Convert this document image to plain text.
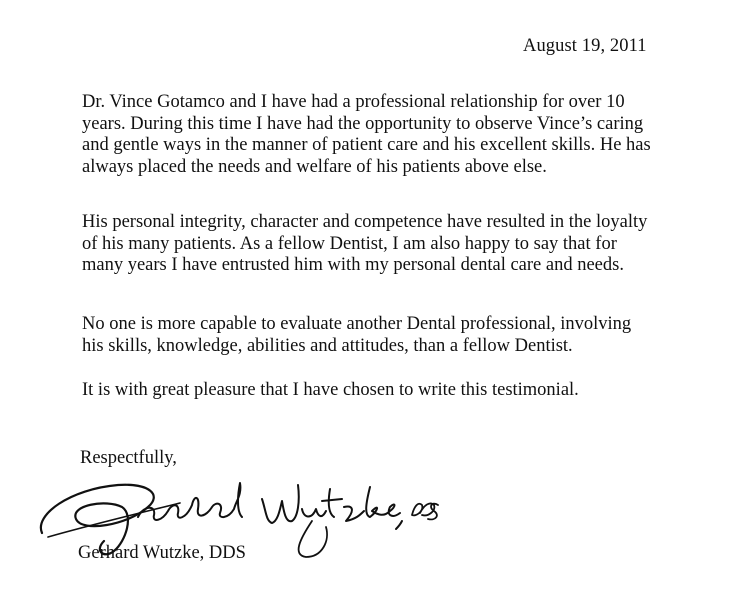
August 19, 2011
Dr. Vince Gotamco and I have had a professional relationship for over 10
years. During this time I have had the opportunity to observe Vince’s caring
and gentle ways in the manner of patient care and his excellent skills. He has
always placed the needs and welfare of his patients above else.
His personal integrity, character and competence have resulted in the loyalty
of his many patients. As a fellow Dentist, I am also happy to say that for
many years I have entrusted him with my personal dental care and needs.
No one is more capable to evaluate another Dental professional, involving
his skills, knowledge, abilities and attitudes, than a fellow Dentist.
It is with great pleasure that I have chosen to write this testimonial.
Respectfully,
Gerhard Wutzke, DDS
